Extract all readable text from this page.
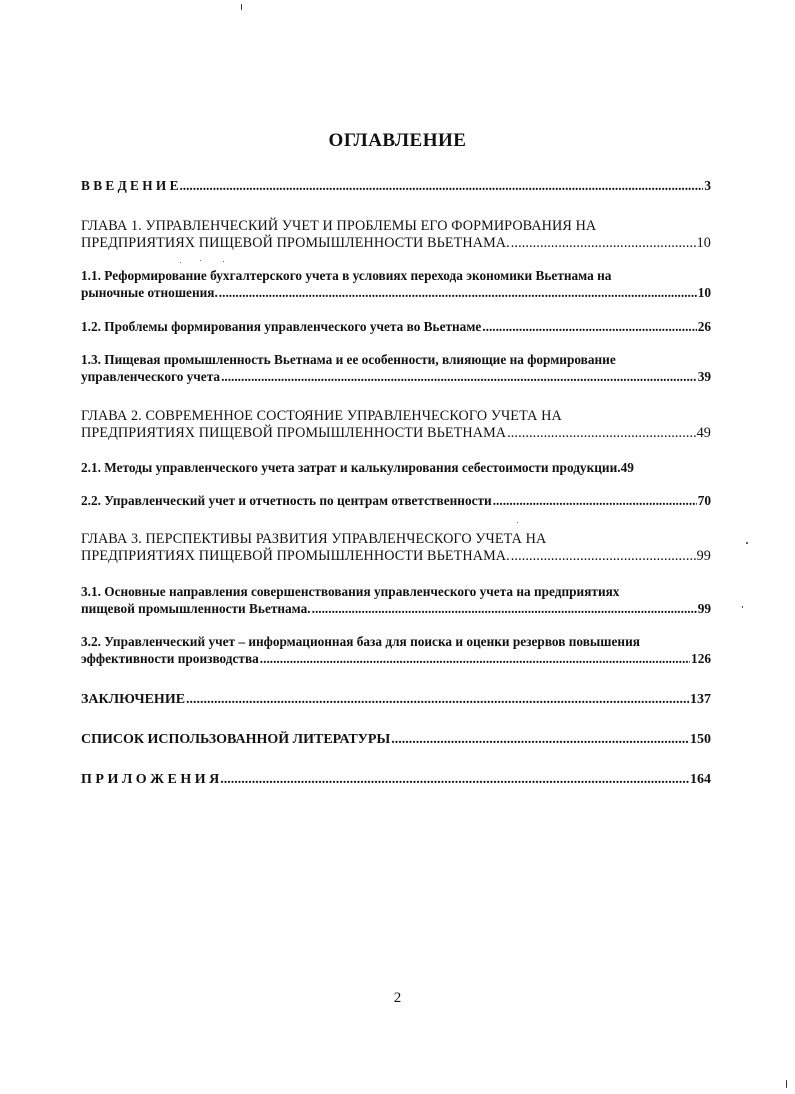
ОГЛАВЛЕНИЕ
В В Е Д Е Н И Е .....	3
ГЛАВА 1. УПРАВЛЕНЧЕСКИЙ УЧЕТ И ПРОБЛЕМЫ ЕГО ФОРМИРОВАНИЯ НА
ПРЕДПРИЯТИЯХ ПИЩЕВОЙ ПРОМЫШЛЕННОСТИ ВЬЕТНАМА. .....	10
1.1. Реформирование бухгалтерского учета в условиях перехода экономики Вьетнама на
рыночные отношения. .....	10
1.2. Проблемы формирования управленческого учета во Вьетнаме .....	26
1.3. Пищевая промышленность Вьетнама и ее особенности, влияющие на формирование
управленческого учета .....	39
ГЛАВА 2. СОВРЕМЕННОЕ СОСТОЯНИЕ УПРАВЛЕНЧЕСКОГО УЧЕТА НА
ПРЕДПРИЯТИЯХ ПИЩЕВОЙ ПРОМЫШЛЕННОСТИ ВЬЕТНАМА .....	49
2.1. Методы управленческого учета затрат и калькулирования себестоимости продукции.49
2.2. Управленческий учет и отчетность по центрам ответственности .....	70
ГЛАВА 3. ПЕРСПЕКТИВЫ РАЗВИТИЯ УПРАВЛЕНЧЕСКОГО УЧЕТА НА
ПРЕДПРИЯТИЯХ ПИЩЕВОЙ ПРОМЫШЛЕННОСТИ ВЬЕТНАМА. .....	99
3.1. Основные направления совершенствования управленческого учета на предприятиях
пищевой промышленности Вьетнама. .....	99
3.2. Управленческий учет – информационная база для поиска и оценки резервов повышения
эффективности производства .....	126
ЗАКЛЮЧЕНИЕ .....	137
СПИСОК ИСПОЛЬЗОВАННОЙ ЛИТЕРАТУРЫ .....	150
П Р И Л О Ж Е Н И Я .....	164
2
